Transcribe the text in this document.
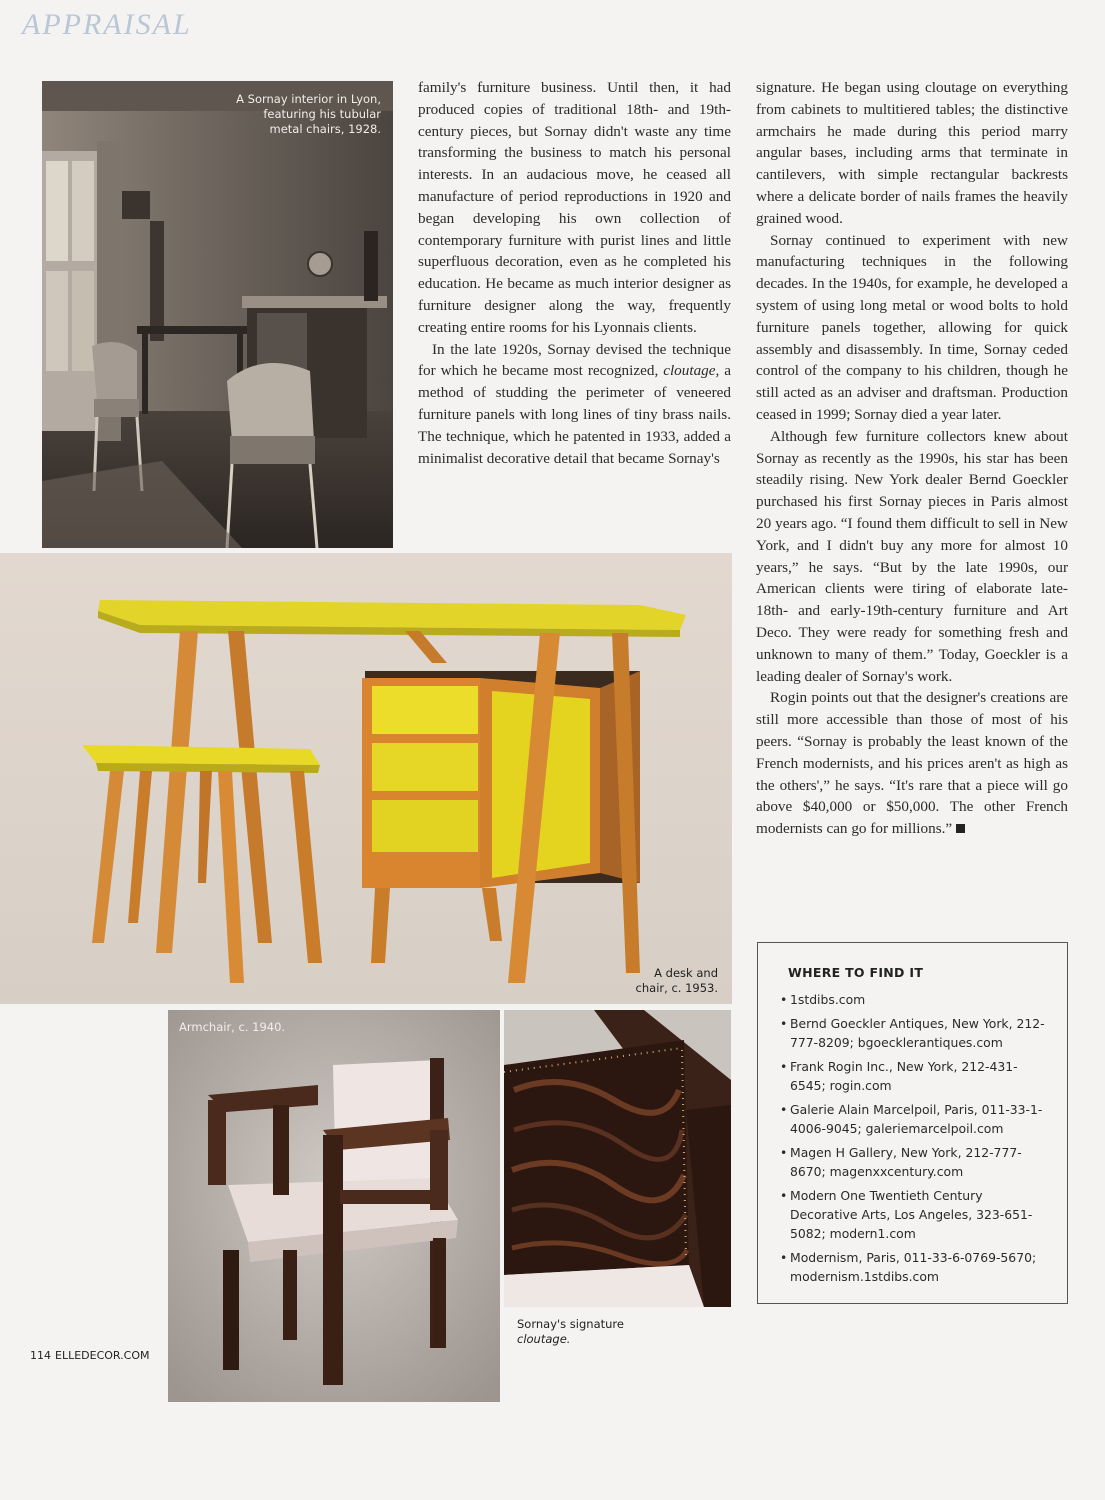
APPRAISAL
A Sornay interior in Lyon, featuring his tubular metal chairs, 1928.
A desk and
chair, c. 1953.
Armchair, c. 1940.
Sornay's signature
cloutage.

family's furniture business. Until then, it had produced copies of traditional 18th- and 19th-century pieces, but Sornay didn't waste any time transforming the business to match his personal interests. In an audacious move, he ceased all manufacture of period reproductions in 1920 and began developing his own collection of contemporary furniture with purist lines and little superfluous decoration, even as he completed his education. He became as much interior designer as furniture designer along the way, frequently creating entire rooms for his Lyonnais clients.

In the late 1920s, Sornay devised the technique for which he became most recognized, cloutage, a method of studding the perimeter of veneered furniture panels with long lines of tiny brass nails. The technique, which he patented in 1933, added a minimalist decorative detail that became Sornay's

signature. He began using cloutage on everything from cabinets to multitiered tables; the distinctive armchairs he made during this period marry angular bases, including arms that terminate in cantilevers, with simple rectangular backrests where a delicate border of nails frames the heavily grained wood.

Sornay continued to experiment with new manufacturing techniques in the following decades. In the 1940s, for example, he developed a system of using long metal or wood bolts to hold furniture panels together, allowing for quick assembly and disassembly. In time, Sornay ceded control of the company to his children, though he still acted as an adviser and draftsman. Production ceased in 1999; Sornay died a year later.

Although few furniture collectors knew about Sornay as recently as the 1990s, his star has been steadily rising. New York dealer Bernd Goeckler purchased his first Sornay pieces in Paris almost 20 years ago. “I found them difficult to sell in New York, and I didn't buy any more for almost 10 years,” he says. “But by the late 1990s, our American clients were tiring of elaborate late-18th- and early-19th-century furniture and Art Deco. They were ready for something fresh and unknown to many of them.” Today, Goeckler is a leading dealer of Sornay's work.

Rogin points out that the designer's creations are still more accessible than those of most of his peers. “Sornay is probably the least known of the French modernists, and his prices aren't as high as the others',” he says. “It's rare that a piece will go above $40,000 or $50,000. The other French modernists can go for millions.”

WHERE TO FIND IT
• 1stdibs.com
• Bernd Goeckler Antiques, New York, 212-777-8209; bgoecklerantiques.com
• Frank Rogin Inc., New York, 212-431-6545; rogin.com
• Galerie Alain Marcelpoil, Paris, 011-33-1-4006-9045; galeriemarcelpoil.com
• Magen H Gallery, New York, 212-777-8670; magenxxcentury.com
• Modern One Twentieth Century Decorative Arts, Los Angeles, 323-651-5082; modern1.com
• Modernism, Paris, 011-33-6-0769-5670; modernism.1stdibs.com
114 ELLEDECOR.COM
